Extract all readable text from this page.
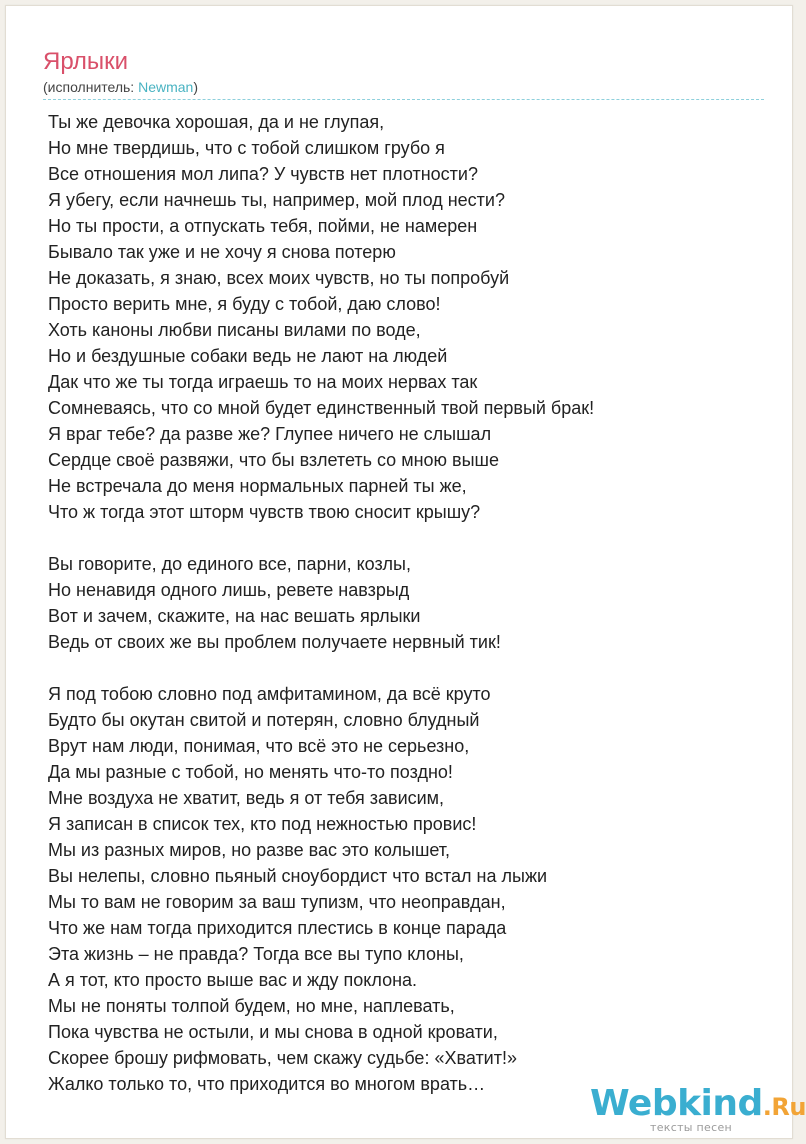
Ярлыки
(исполнитель: Newman)
Ты же девочка хорошая, да и не глупая,
Но мне твердишь, что с тобой слишком грубо я
Все отношения мол липа? У чувств нет плотности?
Я убегу, если начнешь ты, например, мой плод нести?
Но ты прости, а отпускать тебя, пойми, не намерен
Бывало так уже и не хочу я снова потерю
Не доказать, я знаю, всех моих чувств, но ты попробуй
Просто верить мне, я буду с тобой, даю слово!
Хоть каноны любви писаны вилами по воде,
Но и бездушные собаки ведь не лают на людей
Дак что же ты тогда играешь то на моих нервах так
Сомневаясь, что со мной будет единственный твой первый брак!
Я враг тебе? да разве же? Глупее ничего не слышал
Сердце своё развяжи, что бы взлететь со мною выше
Не встречала до меня нормальных парней ты же,
Что ж тогда этот шторм чувств твою сносит крышу?
Вы говорите, до единого все, парни, козлы,
Но ненавидя одного лишь, ревете навзрыд
Вот и зачем, скажите, на нас вешать ярлыки
Ведь от своих же вы проблем получаете нервный тик!
Я под тобою словно под амфитамином, да всё круто
Будто бы окутан свитой и потерян, словно блудный
Врут нам люди, понимая, что всё это не серьезно,
Да мы разные с тобой, но менять что-то поздно!
Мне воздуха не хватит, ведь я от тебя зависим,
Я записан в список тех, кто под нежностью провис!
Мы из разных миров, но разве вас это колышет,
Вы нелепы, словно пьяный сноубордист что встал на лыжи
Мы то вам не говорим за ваш тупизм, что неоправдан,
Что же нам тогда приходится плестись в конце парада
Эта жизнь – не правда? Тогда все вы тупо клоны,
А я тот, кто просто выше вас и жду поклона.
Мы не поняты толпой будем, но мне, наплевать,
Пока чувства не остыли, и мы снова в одной кровати,
Скорее брошу рифмовать, чем скажу судьбе: «Хватит!»
Жалко только то, что приходится во многом врать…	Webkind.Ru
тексты песен
